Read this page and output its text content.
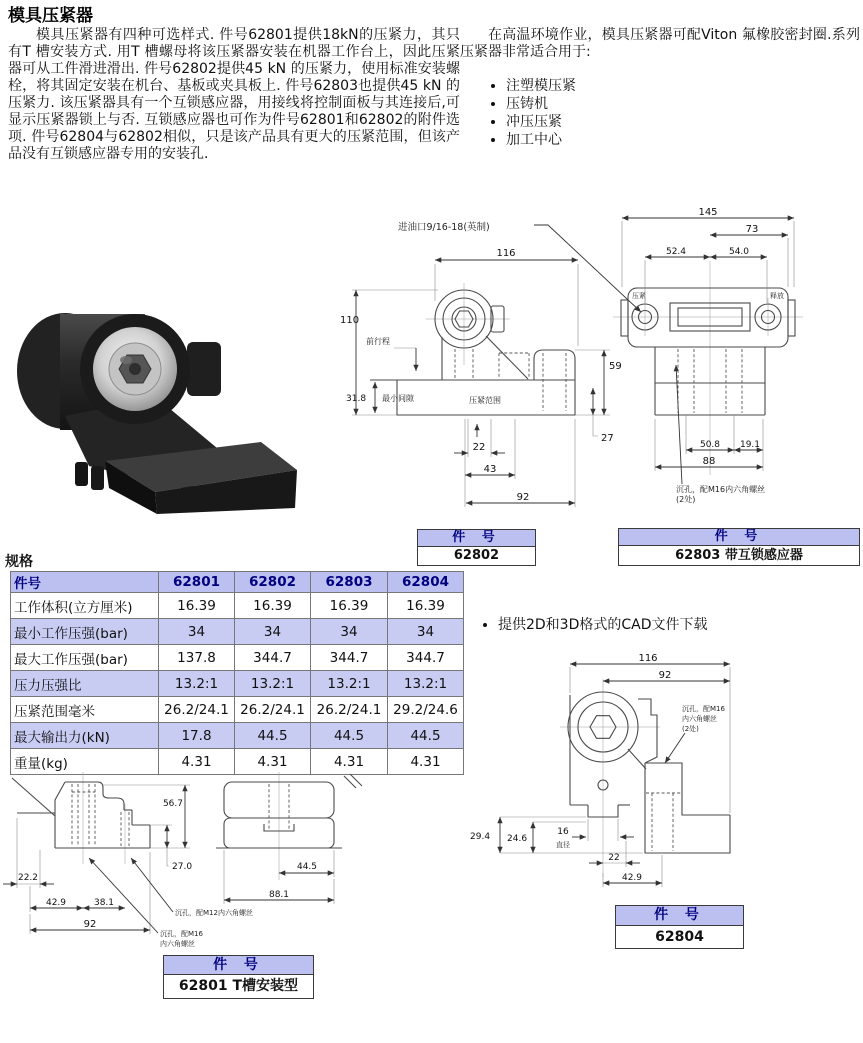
模具压紧器

模具压紧器有四种可选样式. 件号62801提供18kN的压紧力，其只有T 槽安装方式. 用T 槽螺母将该压紧器安装在机器工作台上，因此压紧器可从工件滑进滑出. 件号62802提供45 kN 的压紧力，使用标准安装螺栓，将其固定安装在机台、基板或夹具板上. 件号62803也提供45 kN 的压紧力. 该压紧器具有一个互锁感应器，用接线将控制面板与其连接后,可显示压紧器锁上与否. 互锁感应器也可作为件号62801和62802的附件选项. 件号62804与62802相似，只是该产品具有更大的压紧范围，但该产品没有互锁感应器专用的安装孔.

在高温环境作业，模具压紧器可配Viton 氟橡胶密封圈.系列压紧器非常适合用于:

• 注塑模压紧
• 压铸机
• 冲压压紧
• 加工中心
116
110
前行程
31.8 最小间隙	压紧范围
22
43
92
59
27
进油口9/16-18(英制)
压紧	释放
145
73
52.4	54.0
50.8 19.1
88
沉孔，配M16内六角螺丝
(2处)
件 号
62802
件 号
62803 带互锁感应器
规格
件号	62801	62802	62803	62804
工作体积(立方厘米)	16.39	16.39	16.39	16.39
最小工作压强(bar)	34	34	34	34
最大工作压强(bar)	137.8	344.7	344.7	344.7
压力压强比	13.2:1	13.2:1	13.2:1	13.2:1
压紧范围毫米	26.2/24.1	26.2/24.1	26.2/24.1	29.2/24.6
最大输出力(kN)	17.8	44.5	44.5	44.5
重量(kg)	4.31	4.31	4.31	4.31
• 提供2D和3D格式的CAD文件下载
116
92
29.4 24.6
16
直径
22
42.9
沉孔，配M16
内六角螺丝
(2处)
56.7
27.0
22.2
42.9	38.1
92
44.5
88.1
沉孔，配M12内六角螺丝
沉孔，配M16
内六角螺丝
件 号
62801 T槽安装型
件 号
62804
